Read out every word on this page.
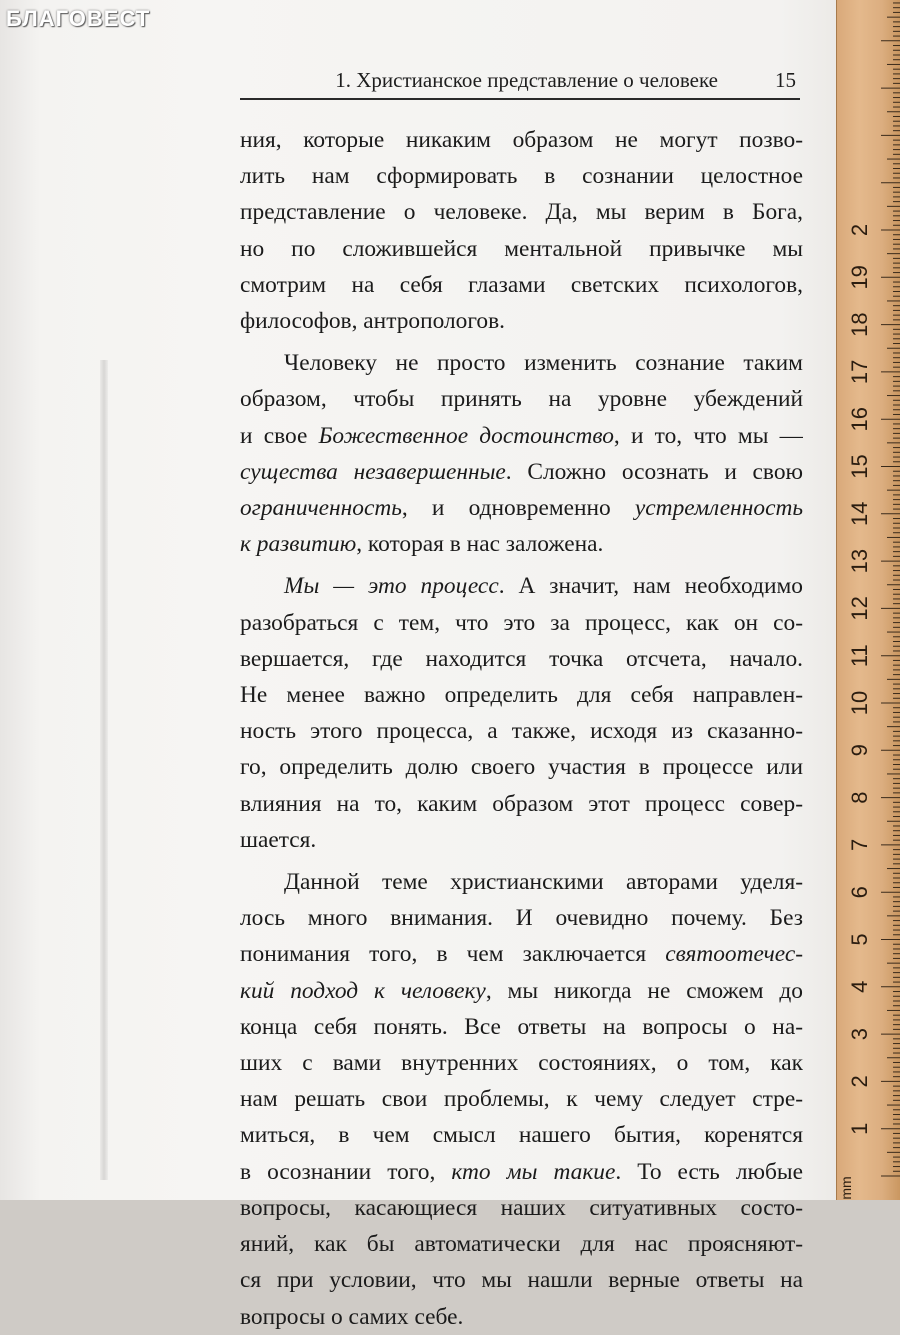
БЛАГОВЕСТ
1. Христианское представление о человеке	15
ния, которые никаким образом не могут позво-
лить нам сформировать в сознании целостное
представление о человеке. Да, мы верим в Бога,
но по сложившейся ментальной привычке мы
смотрим на себя глазами светских психологов,
философов, антропологов.
Человеку не просто изменить сознание таким
образом, чтобы принять на уровне убеждений
и свое Божественное достоинство, и то, что мы —
существа незавершенные. Сложно осознать и свою
ограниченность, и одновременно устремленность
к развитию, которая в нас заложена.
Мы — это процесс. А значит, нам необходимо
разобраться с тем, что это за процесс, как он со-
вершается, где находится точка отсчета, начало.
Не менее важно определить для себя направлен-
ность этого процесса, а также, исходя из сказанно-
го, определить долю своего участия в процессе или
влияния на то, каким образом этот процесс совер-
шается.
Данной теме христианскими авторами уделя-
лось много внимания. И очевидно почему. Без
понимания того, в чем заключается святоотечес-
кий подход к человеку, мы никогда не сможем до
конца себя понять. Все ответы на вопросы о на-
ших с вами внутренних состояниях, о том, как
нам решать свои проблемы, к чему следует стре-
миться, в чем смысл нашего бытия, коренятся
в осознании того, кто мы такие. То есть любые
вопросы, касающиеся наших ситуативных состо-
яний, как бы автоматически для нас проясняют-
ся при условии, что мы нашли верные ответы на
вопросы о самих себе.
1
2
3
4
5
6
7
8
9
10
11
12
13
14
15
16
17
18
19
2
mm
